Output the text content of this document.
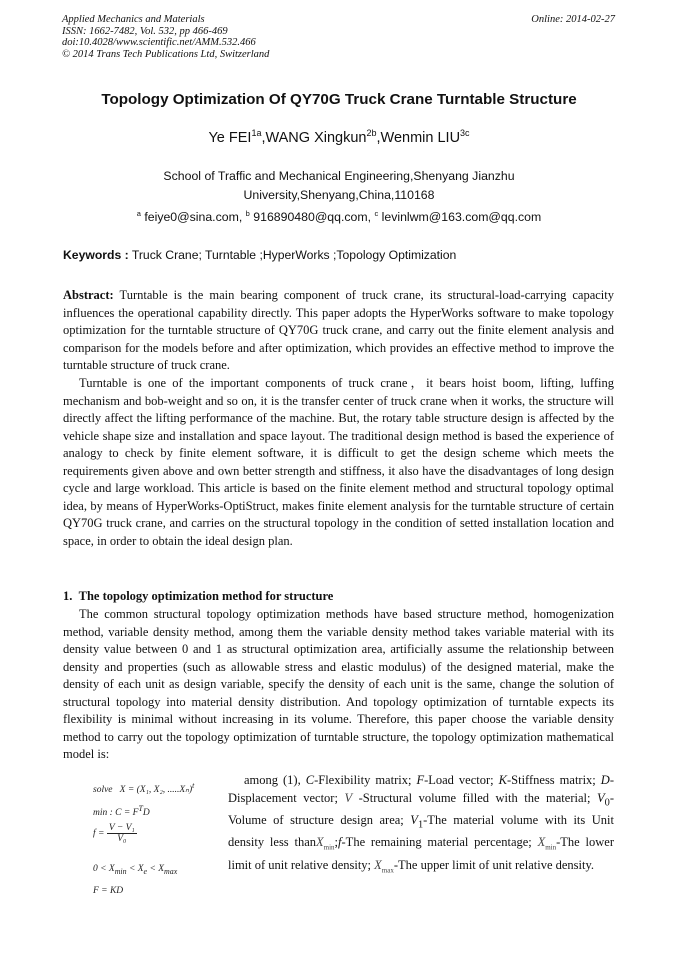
Applied Mechanics and Materials
ISSN: 1662-7482, Vol. 532, pp 466-469
doi:10.4028/www.scientific.net/AMM.532.466
© 2014 Trans Tech Publications Ltd, Switzerland
Online: 2014-02-27
Topology Optimization Of QY70G Truck Crane Turntable Structure
Ye $FEI^{1a},WANG$ Xingkun$^{2b}$,Wenmin $LIU^{3c}$
School of Traffic and Mechanical Engineering,Shenyang Jianzhu University,Shenyang,China,110168
$^a$ feiye0@sina.com, $^b$ 916890480@qq.com, $^c$ levinlwm@163.com@qq.com
Keywords : Truck Crane; Turntable ;HyperWorks ;Topology Optimization
Abstract: Turntable is the main bearing component of truck crane, its structural-load-carrying capacity influences the operational capability directly. This paper adopts the HyperWorks software to make topology optimization for the turntable structure of QY70G truck crane, and carry out the finite element analysis and comparison for the models before and after optimization, which provides an effective method to improve the turntable structure of truck crane.
Turntable is one of the important components of truck crane，it bears hoist boom, lifting, luffing mechanism and bob-weight and so on, it is the transfer center of truck crane when it works, the structure will directly affect the lifting performance of the machine. But, the rotary table structure design is affected by the vehicle shape size and installation and space layout. The traditional design method is based the experience of analogy to check by finite element software, it is difficult to get the design scheme which meets the requirements given above and own better strength and stiffness, it also have the disadvantages of long design cycle and large workload. This article is based on the finite element method and structural topology optimal idea, by means of HyperWorks-OptiStruct, makes finite element analysis for the turntable structure of certain QY70G truck crane, and carries on the structural topology in the condition of setted installation location and space, in order to obtain the ideal design plan.
1. The topology optimization method for structure
The common structural topology optimization methods have based structure method, homogenization method, variable density method, among them the variable density method takes variable material with its density value between 0 and 1 as structural optimization area, artificially assume the relationship between density and properties (such as allowable stress and elastic modulus) of the designed material, make the density of each unit as design variable, specify the density of each unit is the same, change the solution of structural topology into material density distribution. And topology optimization of turntable expects its flexibility is minimal without increasing in its volume. Therefore, this paper choose the variable density method to carry out the topology optimization of turntable structure, the topology optimization mathematical model is:
solve X = (X₁, X₂, .....Xₙ)$^t$
min : $C = F^TD$
$f = \frac{\text{V − V₁}}{\text{V₀}}$
$0 < X_{min} < X_e < X_{max}$
F = KD
among (1), C-Flexibility matrix; F-Load vector; K-Stiffness matrix; D-Displacement vector; V -Structural volume filled with the material; $V_0-$ Volume of structure design area; $V_1$-The material volume with its Unit density less thanX$_{min}$;f-The remaining material percentage; $X_{min}$-The lower limit of unit relative density; $X_{max}$-The upper limit of unit relative density.
